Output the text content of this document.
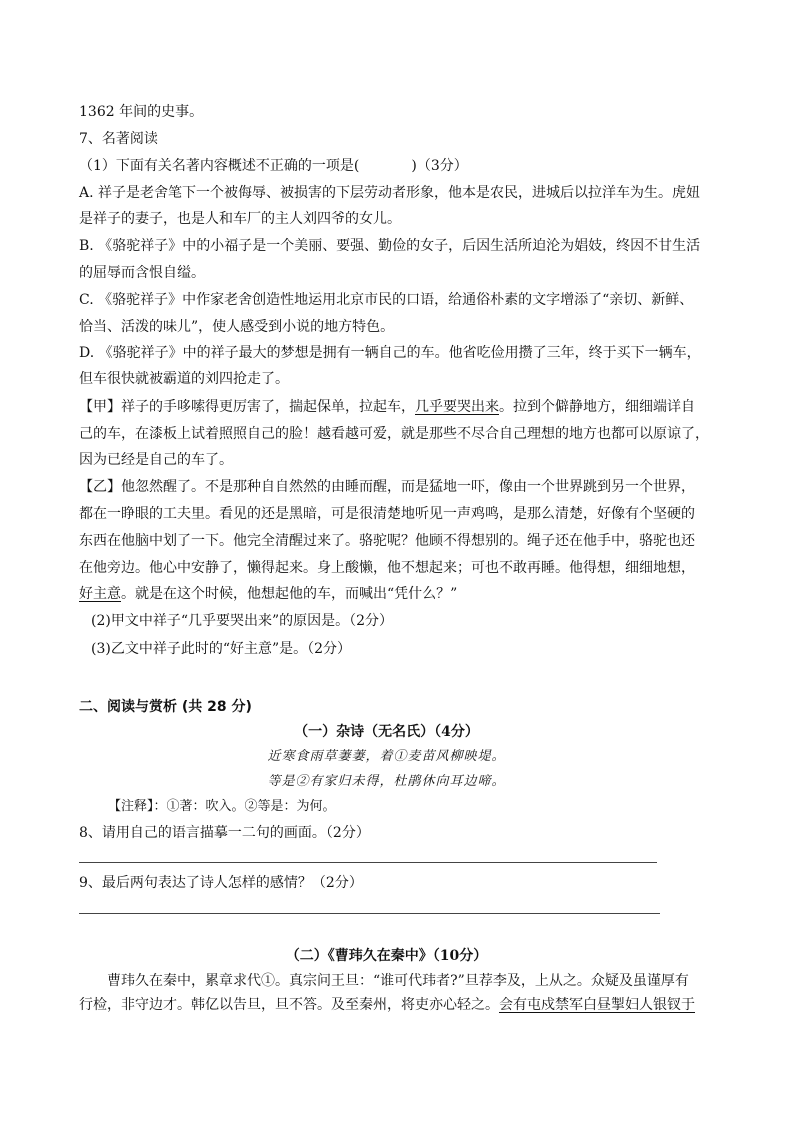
1362 年间的史事。
7、名著阅读
（1）下面有关名著内容概述不正确的一项是(	)（3分）
A. 祥子是老舍笔下一个被侮辱、被损害的下层劳动者形象，他本是农民，进城后以拉洋车为生。虎妞
是祥子的妻子，也是人和车厂的主人刘四爷的女儿。
B. 《骆驼祥子》中的小福子是一个美丽、要强、勤俭的女子，后因生活所迫沦为娼妓，终因不甘生活
的屈辱而含恨自缢。
C. 《骆驼祥子》中作家老舍创造性地运用北京市民的口语，给通俗朴素的文字增添了“亲切、新鲜、
恰当、活泼的味儿”，使人感受到小说的地方特色。
D. 《骆驼祥子》中的祥子最大的梦想是拥有一辆自己的车。他省吃俭用攒了三年，终于买下一辆车，
但车很快就被霸道的刘四抢走了。
【甲】祥子的手哆嗦得更厉害了，揣起保单，拉起车，几乎要哭出来。拉到个僻静地方，细细端详自
己的车，在漆板上试着照照自己的脸！越看越可爱，就是那些不尽合自己理想的地方也都可以原谅了，
因为已经是自己的车了。
【乙】他忽然醒了。不是那种自自然然的由睡而醒，而是猛地一吓，像由一个世界跳到另一个世界，
都在一睁眼的工夫里。看见的还是黑暗，可是很清楚地听见一声鸡鸣，是那么清楚，好像有个坚硬的
东西在他脑中划了一下。他完全清醒过来了。骆驼呢？他顾不得想别的。绳子还在他手中，骆驼也还
在他旁边。他心中安静了，懒得起来。身上酸懒，他不想起来；可也不敢再睡。他得想，细细地想，
好主意。就是在这个时候，他想起他的车，而喊出“凭什么？”
(2)甲文中祥子“几乎要哭出来”的原因是。（2分）
(3)乙文中祥子此时的“好主意”是。（2分）
二、阅读与赏析 (共 28 分)
（一）杂诗（无名氏）（4分）
近寒食雨草萋萋，着①麦苗风柳映堤。
等是②有家归未得，杜鹃休向耳边啼。
【注释】：①著：吹入。②等是：为何。
8、请用自己的语言描摹一二句的画面。（2分）
9、最后两句表达了诗人怎样的感情？（2分）
（二）《曹玮久在秦中》（10分）
曹玮久在秦中，累章求代①。真宗问王旦：“谁可代玮者?”旦荐李及，上从之。众疑及虽谨厚有
行检，非守边才。韩亿以告旦，旦不答。及至秦州，将吏亦心轻之。会有屯戍禁军白昼掣妇人银钗于
